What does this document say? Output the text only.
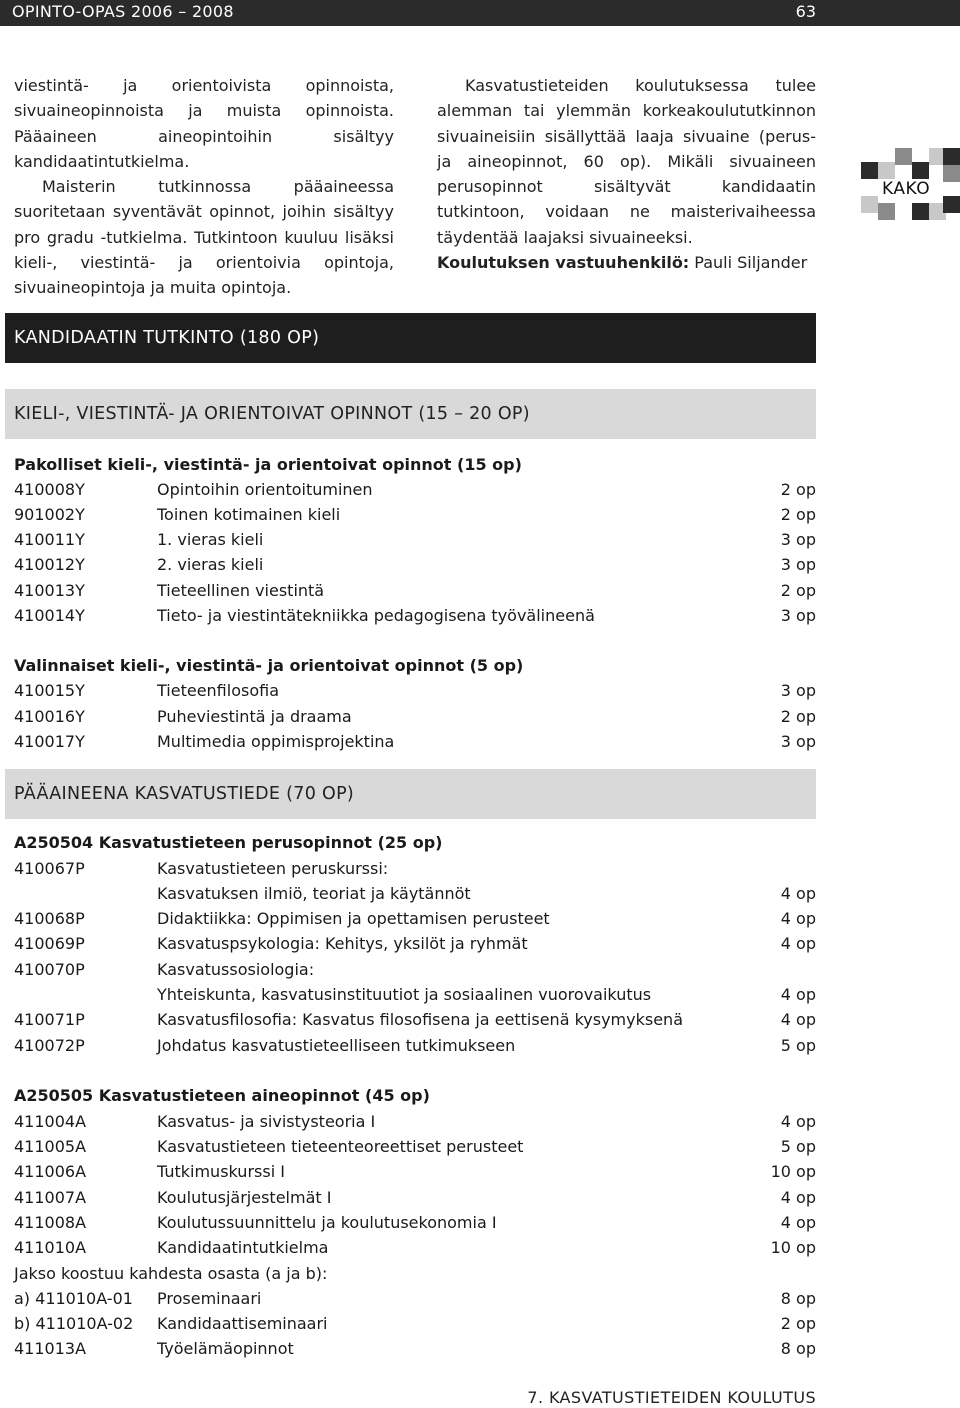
OPINTO-OPAS 2006 – 2008	63

viestintä- ja orientoivista opinnoista, sivuaineopinnoista ja muista opinnoista. Pääaineen aineopintoihin sisältyy kandidaatintutkielma.

Maisterin tutkinnossa pääaineessa suoritetaan syventävät opinnot, joihin sisältyy pro gradu -tutkielma. Tutkintoon kuuluu lisäksi kieli-, viestintä- ja orientoivia opintoja, sivuaineopintoja ja muita opintoja.

Kasvatustieteiden koulutuksessa tulee alemman tai ylemmän korkeakoulututkinnon sivuaineisiin sisällyttää laaja sivuaine (perus- ja aineopinnot, 60 op). Mikäli sivuaineen perusopinnot sisältyvät kandidaatin tutkintoon, voidaan ne maisterivaiheessa täydentää laajaksi sivuaineeksi.

Koulutuksen vastuuhenkilö: Pauli Siljander

KAKO
KANDIDAATIN TUTKINTO (180 OP)
KIELI-, VIESTINTÄ- JA ORIENTOIVAT OPINNOT (15 – 20 OP)
Pakolliset kieli-, viestintä- ja orientoivat opinnot (15 op)
410008Y	Opintoihin orientoituminen	2 op
901002Y	Toinen kotimainen kieli	2 op
410011Y	1. vieras kieli	3 op
410012Y	2. vieras kieli	3 op
410013Y	Tieteellinen viestintä	2 op
410014Y	Tieto- ja viestintätekniikka pedagogisena työvälineenä	3 op
Valinnaiset kieli-, viestintä- ja orientoivat opinnot (5 op)
410015Y	Tieteenfilosofia	3 op
410016Y	Puheviestintä ja draama	2 op
410017Y	Multimedia oppimisprojektina	3 op
PÄÄAINEENA KASVATUSTIEDE (70 OP)
A250504 Kasvatustieteen perusopinnot (25 op)
410067P	Kasvatustieteen peruskurssi:
Kasvatuksen ilmiö, teoriat ja käytännöt	4 op
410068P	Didaktiikka: Oppimisen ja opettamisen perusteet	4 op
410069P	Kasvatuspsykologia: Kehitys, yksilöt ja ryhmät	4 op
410070P	Kasvatussosiologia:
Yhteiskunta, kasvatusinstituutiot ja sosiaalinen vuorovaikutus	4 op
410071P	Kasvatusfilosofia: Kasvatus filosofisena ja eettisenä kysymyksenä	4 op
410072P	Johdatus kasvatustieteelliseen tutkimukseen	5 op
A250505 Kasvatustieteen aineopinnot (45 op)
411004A	Kasvatus- ja sivistysteoria I	4 op
411005A	Kasvatustieteen tieteenteoreettiset perusteet	5 op
411006A	Tutkimuskurssi I	10 op
411007A	Koulutusjärjestelmät I	4 op
411008A	Koulutussuunnittelu ja koulutusekonomia I	4 op
411010A	Kandidaatintutkielma	10 op
Jakso koostuu kahdesta osasta (a ja b):
a) 411010A-01 Proseminaari	8 op
b) 411010A-02 Kandidaattiseminaari	2 op
411013A	Työelämäopinnot	8 op
7. KASVATUSTIETEIDEN KOULUTUS
